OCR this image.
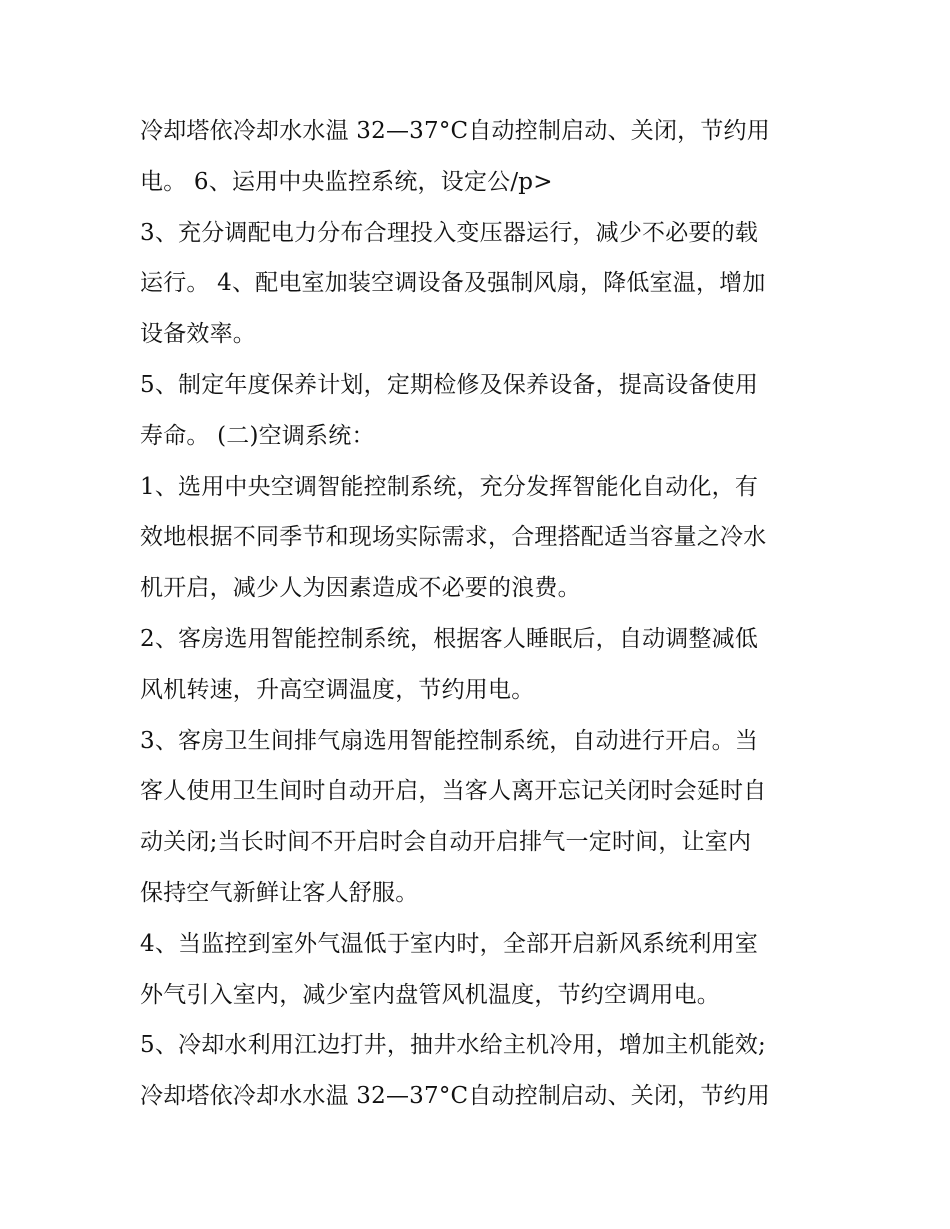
冷却塔依冷却水水温 32—37°C自动控制启动、关闭，节约用
电。 6、运用中央监控系统，设定公/p>
3、充分调配电力分布合理投入变压器运行，减少不必要的载
运行。 4、配电室加装空调设备及强制风扇，降低室温，增加
设备效率。
5、制定年度保养计划，定期检修及保养设备，提高设备使用
寿命。 (二)空调系统：
1、选用中央空调智能控制系统，充分发挥智能化自动化，有
效地根据不同季节和现场实际需求，合理搭配适当容量之冷水
机开启，减少人为因素造成不必要的浪费。
2、客房选用智能控制系统，根据客人睡眠后，自动调整减低
风机转速，升高空调温度，节约用电。
3、客房卫生间排气扇选用智能控制系统，自动进行开启。当
客人使用卫生间时自动开启，当客人离开忘记关闭时会延时自
动关闭;当长时间不开启时会自动开启排气一定时间，让室内
保持空气新鲜让客人舒服。
4、当监控到室外气温低于室内时，全部开启新风系统利用室
外气引入室内，减少室内盘管风机温度，节约空调用电。
5、冷却水利用江边打井，抽井水给主机冷用，增加主机能效;
冷却塔依冷却水水温 32—37°C自动控制启动、关闭，节约用
